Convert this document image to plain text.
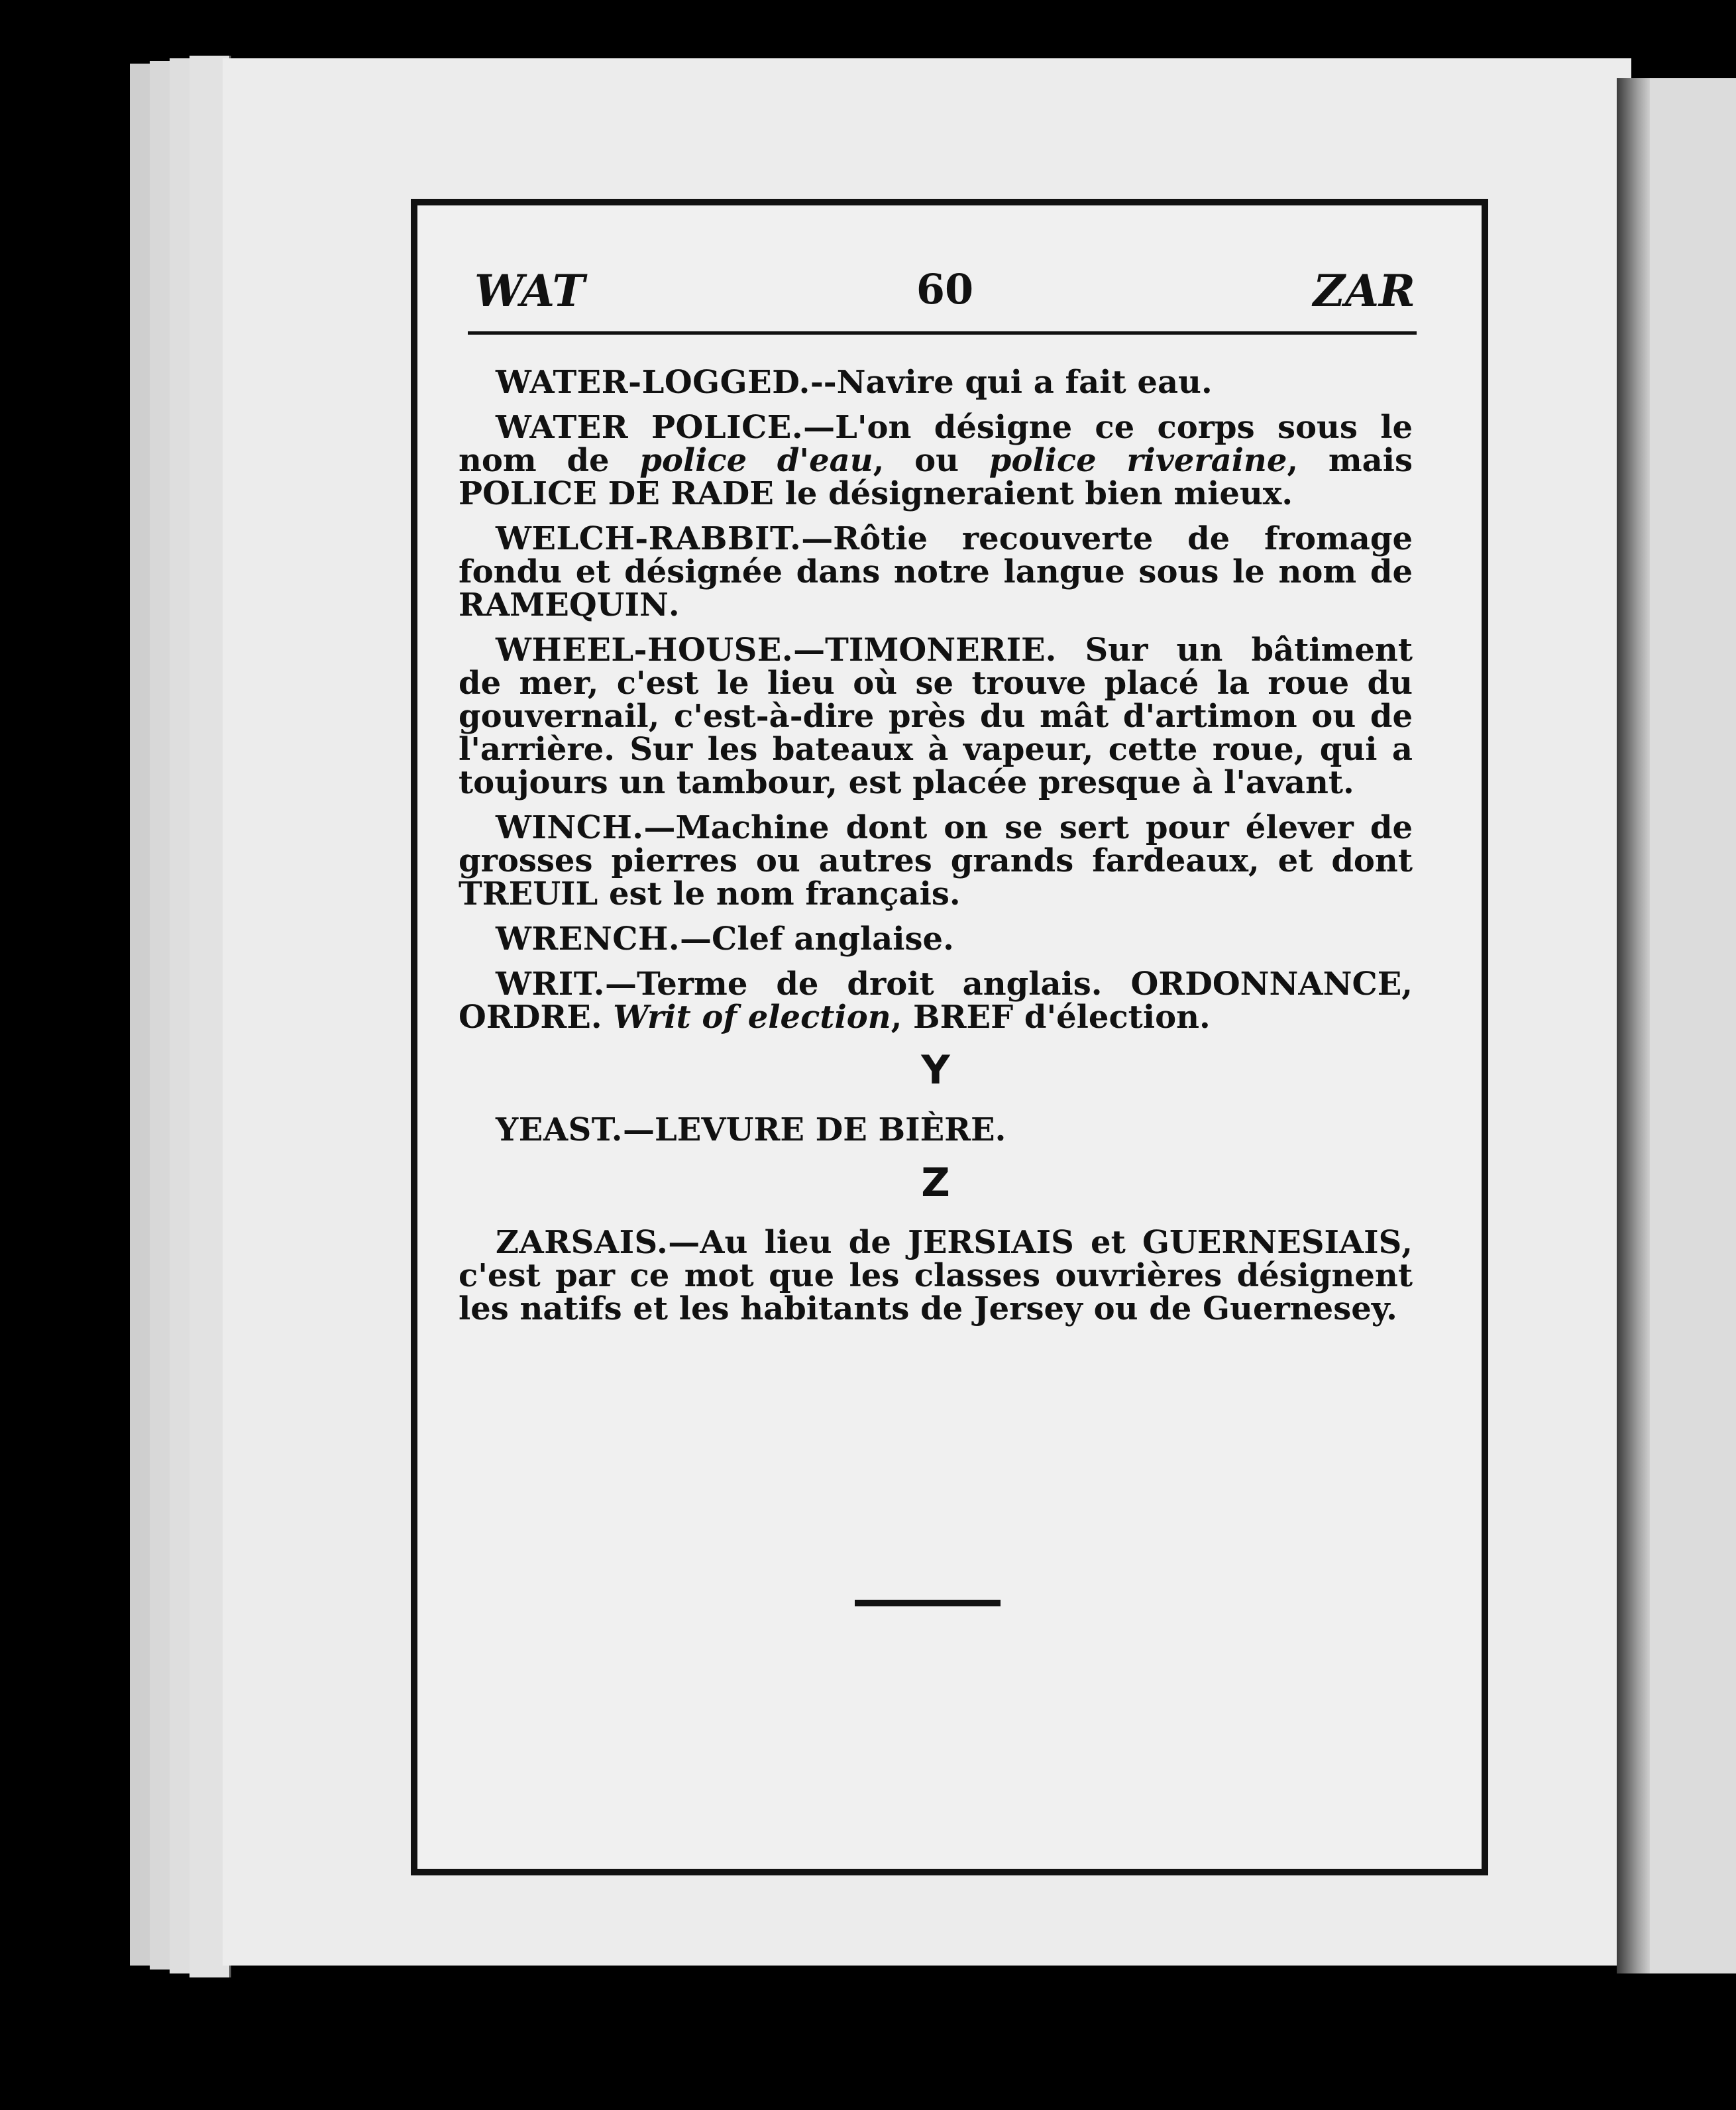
WAT	60	ZAR

WATER-LOGGED.--Navire qui a fait eau.

WATER POLICE.—L'on désigne ce corps sous le nom de police d'eau, ou police riveraine, mais POLICE DE RADE le désigneraient bien mieux.

WELCH-RABBIT.—Rôtie recouverte de fromage fondu et désignée dans notre langue sous le nom de RAMEQUIN.

WHEEL-HOUSE.—TIMONERIE. Sur un bâtiment de mer, c'est le lieu où se trouve placé la roue du gouvernail, c'est-à-dire près du mât d'artimon ou de l'arrière. Sur les bateaux à vapeur, cette roue, qui a toujours un tambour, est placée presque à l'avant.

WINCH.—Machine dont on se sert pour élever de grosses pierres ou autres grands fardeaux, et dont TREUIL est le nom français.

WRENCH.—Clef anglaise.

WRIT.—Terme de droit anglais. ORDONNANCE, ORDRE. Writ of election, BREF d'élection.

Y

YEAST.—LEVURE DE BIÈRE.

Z

ZARSAIS.—Au lieu de JERSIAIS et GUERNESIAIS, c'est par ce mot que les classes ouvrières désignent les natifs et les habitants de Jersey ou de Guernesey.
